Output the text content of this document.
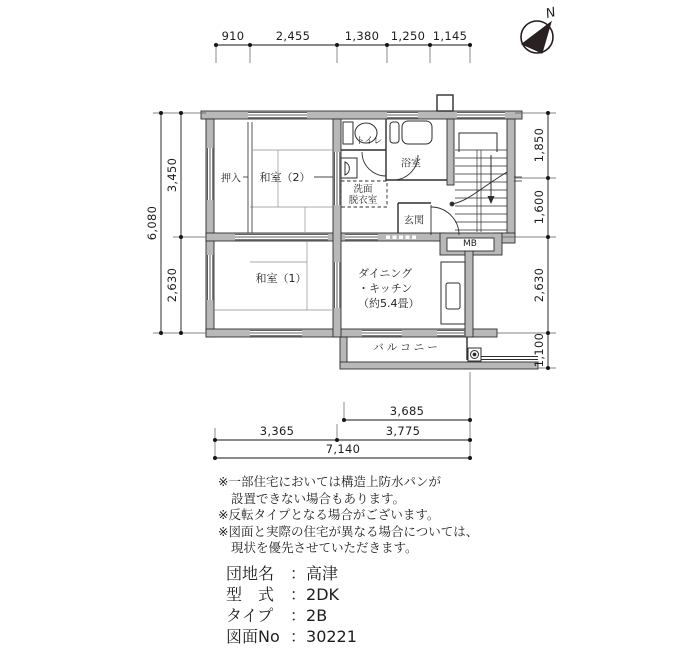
910	2,455	1,380 1,250 1,145
6,080
3,450
2,630
1,850
1,600
2,630
1,100
3,685
3,365	3,775
7,140
N
押入 和室（2）
トイレ
浴室
洗面
脱衣室
玄関
MB
和室（1）	ダイニング
・キッチン
（約5.4畳）
バルコニー
※一部住宅においては構造上防水パンが
設置できない場合もあります。
※反転タイプとなる場合がございます。
※図面と実際の住宅が異なる場合については、
現状を優先させていただきます。
団地名 ：高津
型　式 ：2DK
タイプ ：2B
図面No ：30221
